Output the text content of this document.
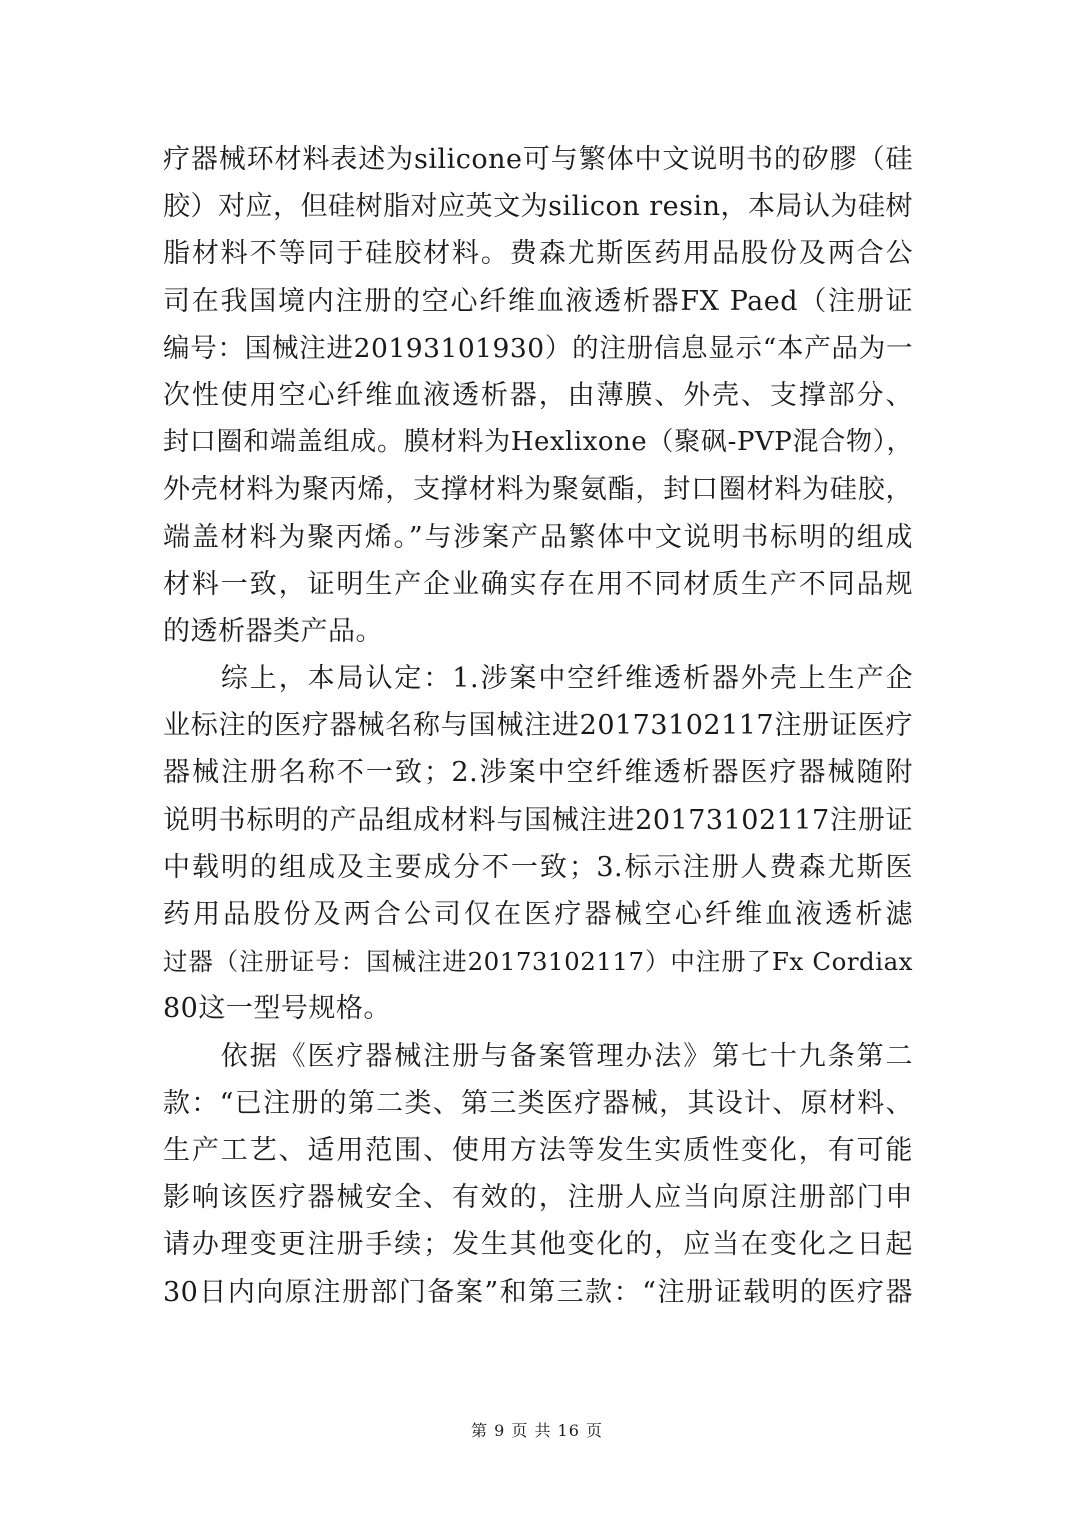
疗器械环材料表述为silicone可与繁体中文说明书的矽膠（硅
胶）对应，但硅树脂对应英文为silicon resin，本局认为硅树
脂材料不等同于硅胶材料。费森尤斯医药用品股份及两合公
司在我国境内注册的空心纤维血液透析器FX Paed（注册证
编号：国械注进20193101930）的注册信息显示“本产品为一
次性使用空心纤维血液透析器，由薄膜、外壳、支撑部分、
封口圈和端盖组成。膜材料为Hexlixone（聚砜-PVP混合物），
外壳材料为聚丙烯，支撑材料为聚氨酯，封口圈材料为硅胶，
端盖材料为聚丙烯。”与涉案产品繁体中文说明书标明的组成
材料一致，证明生产企业确实存在用不同材质生产不同品规
的透析器类产品。
　　综上，本局认定：1.涉案中空纤维透析器外壳上生产企
业标注的医疗器械名称与国械注进20173102117注册证医疗
器械注册名称不一致；2.涉案中空纤维透析器医疗器械随附
说明书标明的产品组成材料与国械注进20173102117注册证
中载明的组成及主要成分不一致；3.标示注册人费森尤斯医
药用品股份及两合公司仅在医疗器械空心纤维血液透析滤
过器（注册证号：国械注进20173102117）中注册了Fx Cordiax
80这一型号规格。
　　依据《医疗器械注册与备案管理办法》第七十九条第二
款：“已注册的第二类、第三类医疗器械，其设计、原材料、
生产工艺、适用范围、使用方法等发生实质性变化，有可能
影响该医疗器械安全、有效的，注册人应当向原注册部门申
请办理变更注册手续；发生其他变化的，应当在变化之日起
30日内向原注册部门备案”和第三款：“注册证载明的医疗器
第 9 页 共 16 页
